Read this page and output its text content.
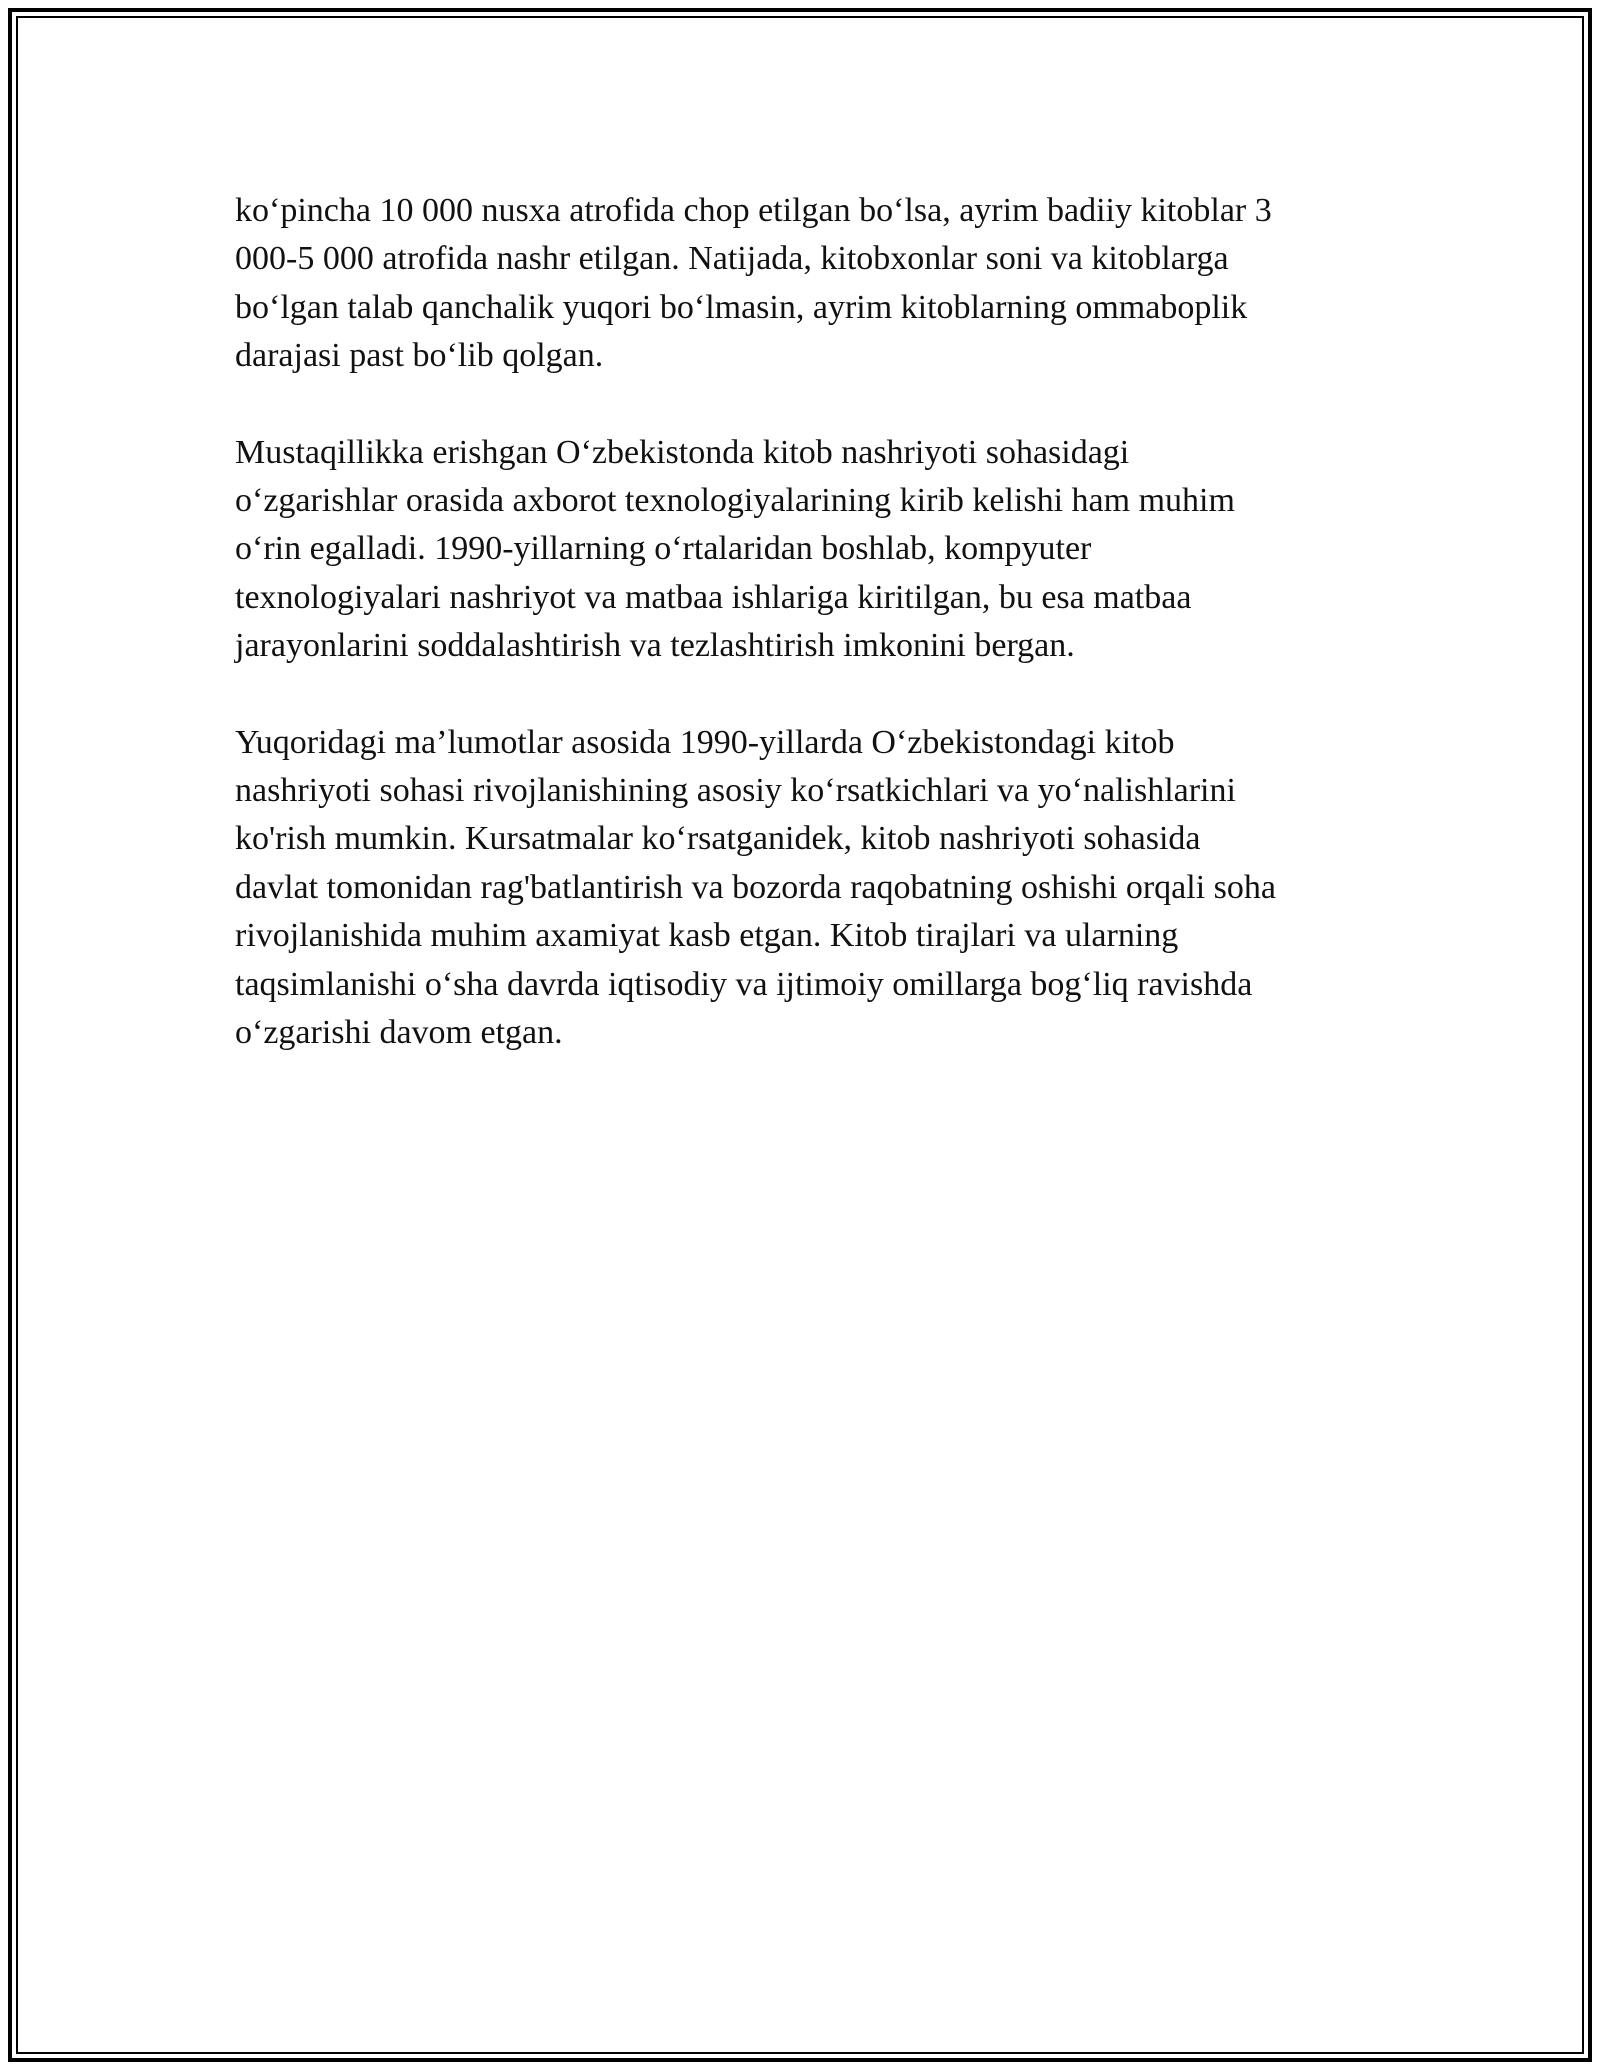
ko‘pincha 10 000 nusxa atrofida chop etilgan bo‘lsa, ayrim badiiy kitoblar 3
000-5 000 atrofida nashr etilgan. Natijada, kitobxonlar soni va kitoblarga
bo‘lgan talab qanchalik yuqori bo‘lmasin, ayrim kitoblarning ommaboplik
darajasi past bo‘lib qolgan.

Mustaqillikka erishgan O‘zbekistonda kitob nashriyoti sohasidagi
o‘zgarishlar orasida axborot texnologiyalarining kirib kelishi ham muhim
o‘rin egalladi. 1990-yillarning o‘rtalaridan boshlab, kompyuter
texnologiyalari nashriyot va matbaa ishlariga kiritilgan, bu esa matbaa
jarayonlarini soddalashtirish va tezlashtirish imkonini bergan.

Yuqoridagi ma’lumotlar asosida 1990-yillarda O‘zbekistondagi kitob
nashriyoti sohasi rivojlanishining asosiy ko‘rsatkichlari va yo‘nalishlarini
ko'rish mumkin. Kursatmalar ko‘rsatganidek, kitob nashriyoti sohasida
davlat tomonidan rag'batlantirish va bozorda raqobatning oshishi orqali soha
rivojlanishida muhim axamiyat kasb etgan. Kitob tirajlari va ularning
taqsimlanishi o‘sha davrda iqtisodiy va ijtimoiy omillarga bog‘liq ravishda
o‘zgarishi davom etgan.
